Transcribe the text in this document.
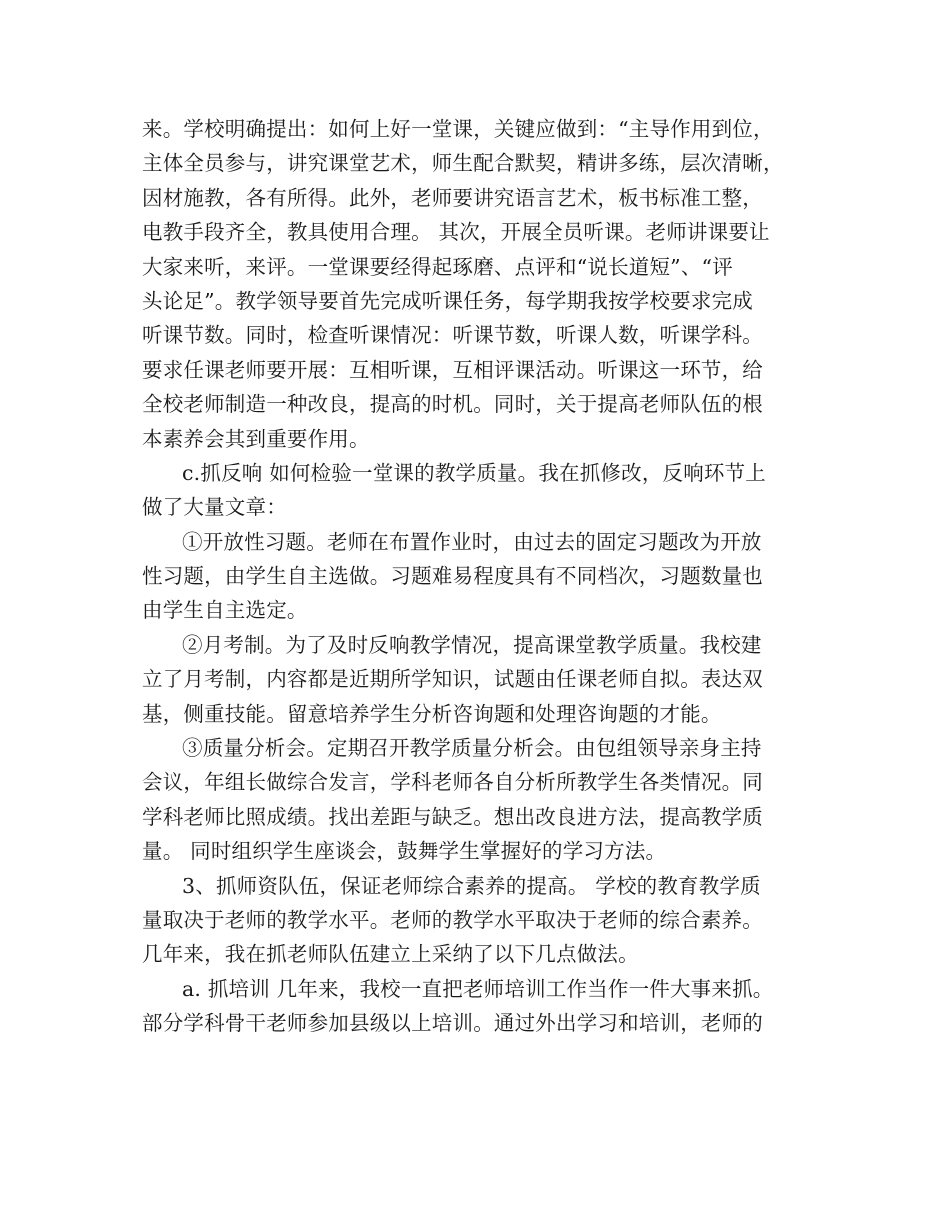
来。学校明确提出：如何上好一堂课，关键应做到：“主导作用到位，
主体全员参与，讲究课堂艺术，师生配合默契，精讲多练，层次清晰，
因材施教，各有所得。此外，老师要讲究语言艺术，板书标准工整，
电教手段齐全，教具使用合理。 其次，开展全员听课。老师讲课要让
大家来听，来评。一堂课要经得起琢磨、点评和“说长道短”、“评
头论足”。教学领导要首先完成听课任务，每学期我按学校要求完成
听课节数。同时，检查听课情况：听课节数，听课人数，听课学科。
要求任课老师要开展：互相听课，互相评课活动。听课这一环节，给
全校老师制造一种改良，提高的时机。同时，关于提高老师队伍的根
本素养会其到重要作用。
c.抓反响 如何检验一堂课的教学质量。我在抓修改，反响环节上
做了大量文章：
①开放性习题。老师在布置作业时，由过去的固定习题改为开放
性习题，由学生自主选做。习题难易程度具有不同档次，习题数量也
由学生自主选定。
②月考制。为了及时反响教学情况，提高课堂教学质量。我校建
立了月考制，内容都是近期所学知识，试题由任课老师自拟。表达双
基，侧重技能。留意培养学生分析咨询题和处理咨询题的才能。
③质量分析会。定期召开教学质量分析会。由包组领导亲身主持
会议，年组长做综合发言，学科老师各自分析所教学生各类情况。同
学科老师比照成绩。找出差距与缺乏。想出改良进方法，提高教学质
量。 同时组织学生座谈会，鼓舞学生掌握好的学习方法。
3、抓师资队伍，保证老师综合素养的提高。 学校的教育教学质
量取决于老师的教学水平。老师的教学水平取决于老师的综合素养。
几年来，我在抓老师队伍建立上采纳了以下几点做法。
a. 抓培训 几年来，我校一直把老师培训工作当作一件大事来抓。
部分学科骨干老师参加县级以上培训。通过外出学习和培训，老师的
